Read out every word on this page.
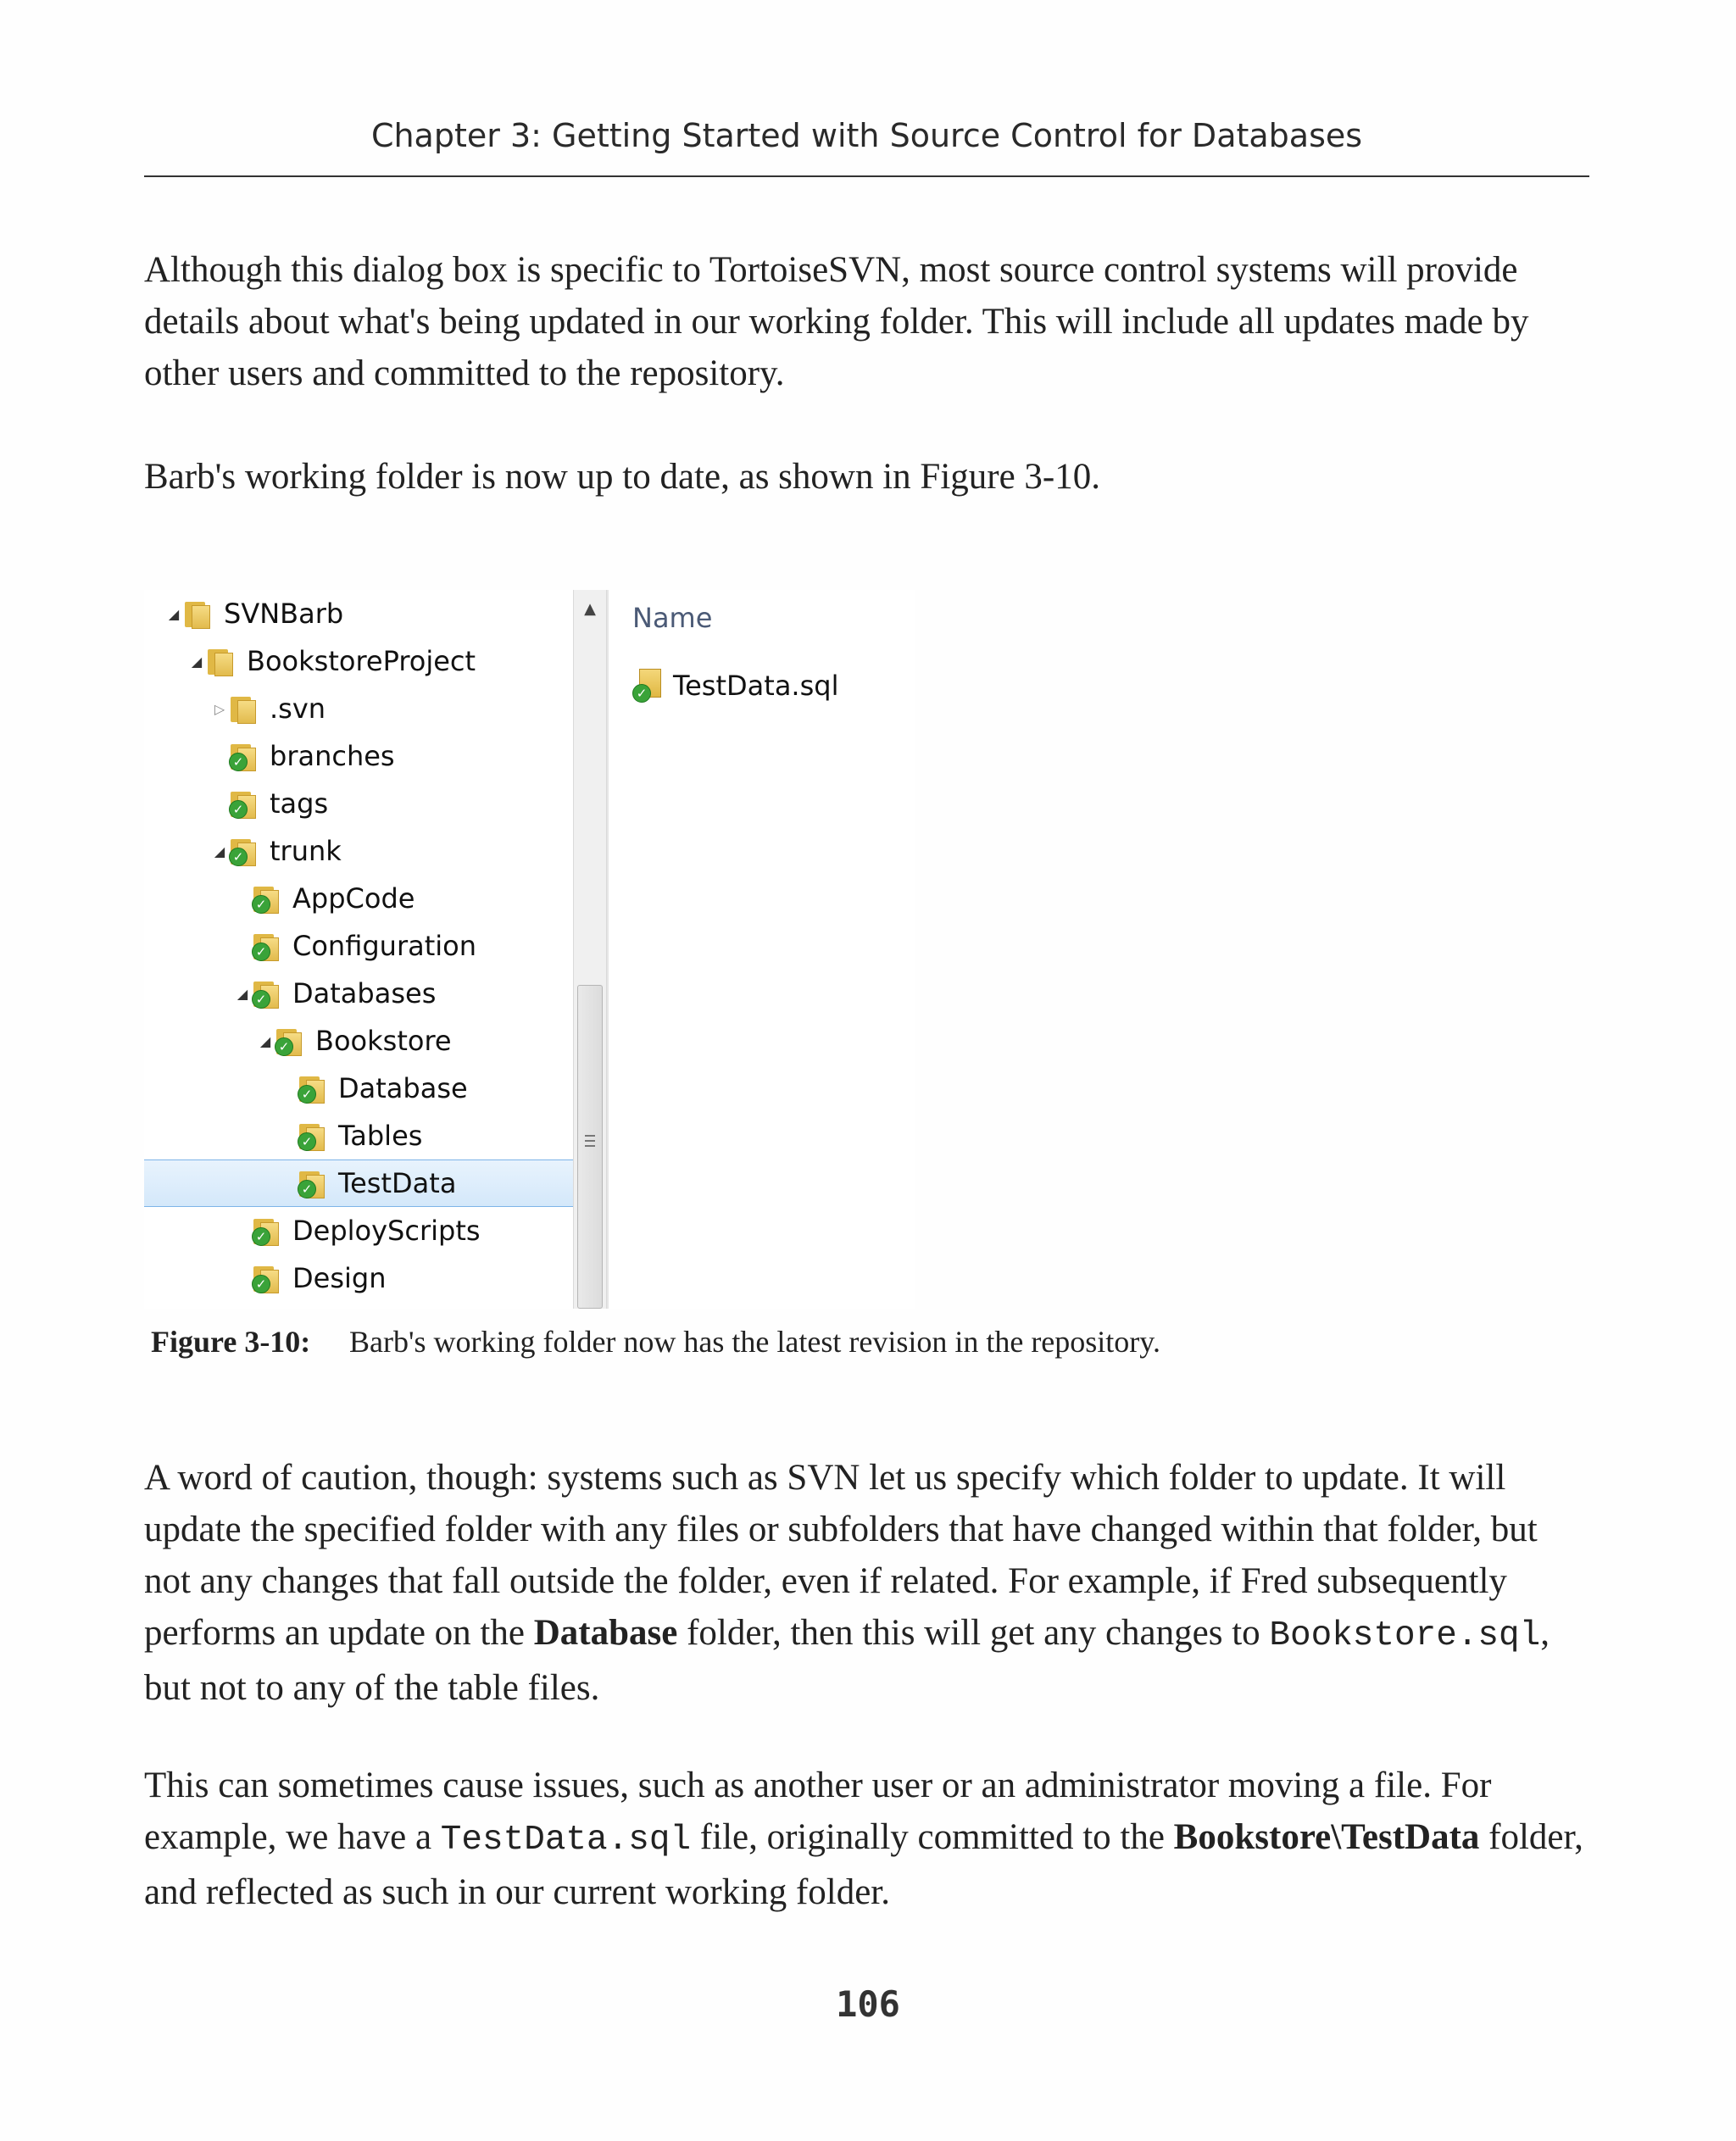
Chapter 3: Getting Started with Source Control for Databases

Although this dialog box is specific to TortoiseSVN, most source control systems will provide details about what's being updated in our working folder. This will include all updates made by other users and committed to the repository.

Barb's working folder is now up to date, as shown in Figure 3-10.

◢ SVNBarb
◢ BookstoreProject
▷ .svn
✓ branches
✓ tags
◢ ✓ trunk
✓ AppCode
✓ Configuration
◢ ✓ Databases
◢ ✓ Bookstore
✓ Database
✓ Tables
✓ TestData
✓ DeployScripts
✓ Design
▲	Name
✓ TestData.sql
Figure 3-10: Barb's working folder now has the latest revision in the repository.

A word of caution, though: systems such as SVN let us specify which folder to update. It will update the specified folder with any files or subfolders that have changed within that folder, but not any changes that fall outside the folder, even if related. For example, if Fred subsequently performs an update on the Database folder, then this will get any changes to Bookstore.sql, but not to any of the table files.

This can sometimes cause issues, such as another user or an administrator moving a file. For example, we have a TestData.sql file, originally committed to the Bookstore\TestData folder, and reflected as such in our current working folder.

106
